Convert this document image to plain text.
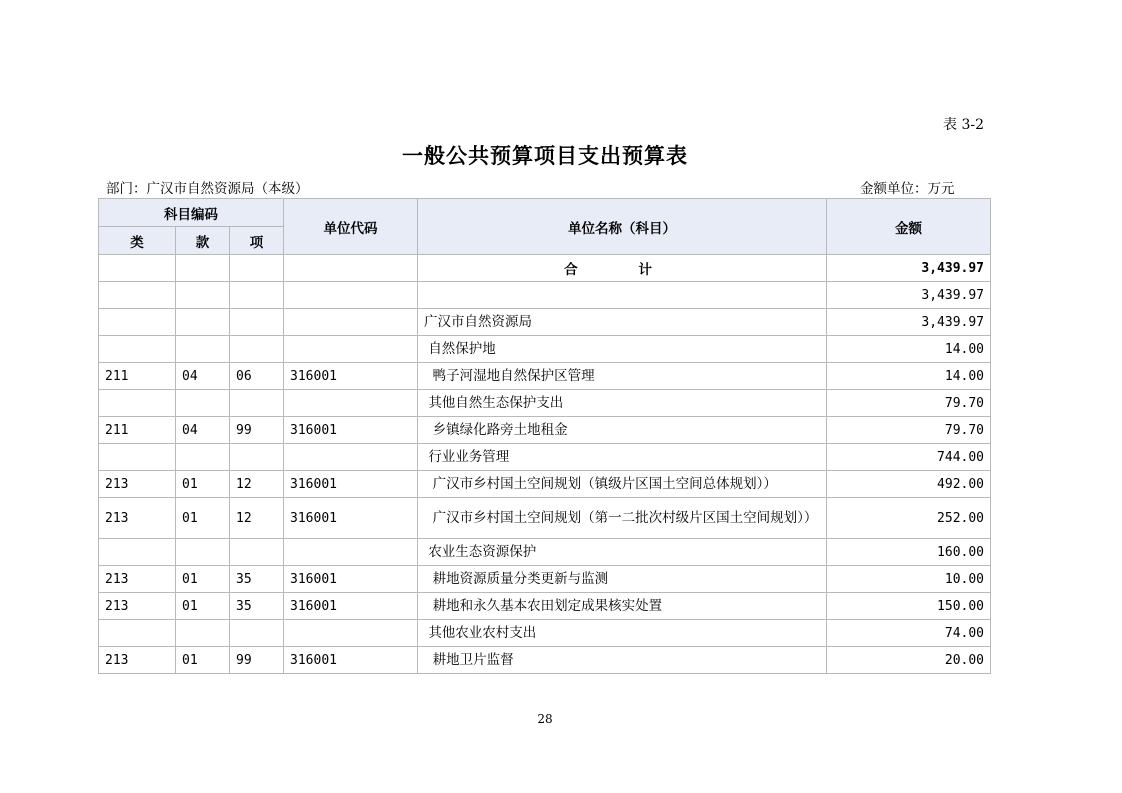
表 3-2
一般公共预算项目支出预算表
部门：广汉市自然资源局（本级）	金额单位：万元
科目编码			单位代码	单位名称（科目）	金额
类	款	项			
				合 计	3,439.97
					3,439.97
				广汉市自然资源局	3,439.97
				自然保护地	14.00
211	04	06	316001	鸭子河湿地自然保护区管理	14.00
				其他自然生态保护支出	79.70
211	04	99	316001	乡镇绿化路旁土地租金	79.70
				行业业务管理	744.00
213	01	12	316001	广汉市乡村国土空间规划（镇级片区国土空间总体规划））	492.00
213	01	12	316001	广汉市乡村国土空间规划（第一二批次村级片区国土空间规划））	252.00
				农业生态资源保护	160.00
213	01	35	316001	耕地资源质量分类更新与监测	10.00
213	01	35	316001	耕地和永久基本农田划定成果核实处置	150.00
				其他农业农村支出	74.00
213	01	99	316001	耕地卫片监督	20.00
28
